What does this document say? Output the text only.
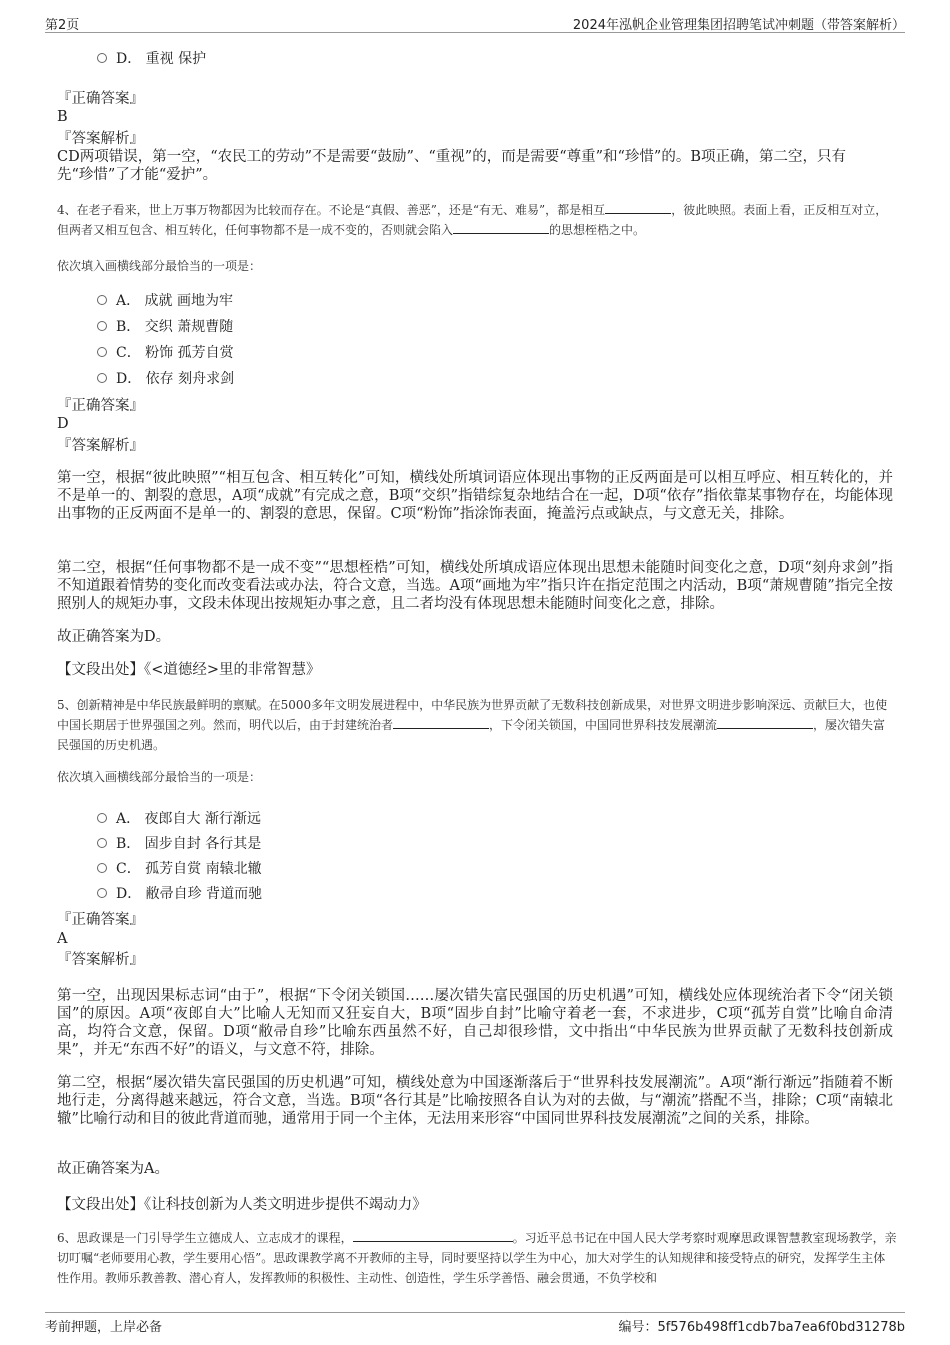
第2页	2024年泓帆企业管理集团招聘笔试冲刺题（带答案解析）
D． 重视 保护
『正确答案』
B
『答案解析』
CD两项错误，第一空，“农民工的劳动”不是需要“鼓励”、“重视”的，而是需要“尊重”和“珍惜”的。B项正确，第二空，只有先“珍惜”了才能“爱护”。
4、在老子看来，世上万事万物都因为比较而存在。不论是“真假、善恶”，还是“有无、难易”，都是相互	，彼此映照。表面上看，正反相互对立，但两者又相互包含、相互转化，任何事物都不是一成不变的，否则就会陷入	的思想桎梏之中。
依次填入画横线部分最恰当的一项是：
A． 成就 画地为牢
B． 交织 萧规曹随
C． 粉饰 孤芳自赏
D． 依存 刻舟求剑
『正确答案』
D
『答案解析』
第一空，根据“彼此映照”“相互包含、相互转化”可知，横线处所填词语应体现出事物的正反两面是可以相互呼应、相互转化的，并不是单一的、割裂的意思，A项“成就”有完成之意，B项“交织”指错综复杂地结合在一起，D项“依存”指依靠某事物存在，均能体现出事物的正反两面不是单一的、割裂的意思，保留。C项“粉饰”指涂饰表面，掩盖污点或缺点，与文意无关，排除。
第二空，根据“任何事物都不是一成不变”“思想桎梏”可知，横线处所填成语应体现出思想未能随时间变化之意，D项“刻舟求剑”指不知道跟着情势的变化而改变看法或办法，符合文意，当选。A项“画地为牢”指只许在指定范围之内活动，B项“萧规曹随”指完全按照别人的规矩办事，文段未体现出按规矩办事之意，且二者均没有体现思想未能随时间变化之意，排除。
故正确答案为D。
【文段出处】《<道德经>里的非常智慧》
5、创新精神是中华民族最鲜明的禀赋。在5000多年文明发展进程中，中华民族为世界贡献了无数科技创新成果，对世界文明进步影响深远、贡献巨大，也使中国长期居于世界强国之列。然而，明代以后，由于封建统治者	，下令闭关锁国，中国同世界科技发展潮流	，屡次错失富民强国的历史机遇。
依次填入画横线部分最恰当的一项是：
A． 夜郎自大 渐行渐远
B． 固步自封 各行其是
C． 孤芳自赏 南辕北辙
D． 敝帚自珍 背道而驰
『正确答案』
A
『答案解析』
第一空，出现因果标志词“由于”，根据“下令闭关锁国……屡次错失富民强国的历史机遇”可知，横线处应体现统治者下令“闭关锁国”的原因。A项“夜郎自大”比喻人无知而又狂妄自大，B项“固步自封”比喻守着老一套，不求进步，C项“孤芳自赏”比喻自命清高，均符合文意，保留。D项“敝帚自珍”比喻东西虽然不好，自己却很珍惜，文中指出“中华民族为世界贡献了无数科技创新成果”，并无“东西不好”的语义，与文意不符，排除。
第二空，根据“屡次错失富民强国的历史机遇”可知，横线处意为中国逐渐落后于“世界科技发展潮流”。A项“渐行渐远”指随着不断地行走，分离得越来越远，符合文意，当选。B项“各行其是”比喻按照各自认为对的去做，与“潮流”搭配不当，排除；C项“南辕北辙”比喻行动和目的彼此背道而驰，通常用于同一个主体，无法用来形容“中国同世界科技发展潮流”之间的关系，排除。
故正确答案为A。
【文段出处】《让科技创新为人类文明进步提供不竭动力》
6、思政课是一门引导学生立德成人、立志成才的课程，	。习近平总书记在中国人民大学考察时观摩思政课智慧教室现场教学，亲切叮嘱“老师要用心教，学生要用心悟”。思政课教学离不开教师的主导，同时要坚持以学生为中心，加大对学生的认知规律和接受特点的研究，发挥学生主体性作用。教师乐教善教、潜心育人，发挥教师的积极性、主动性、创造性，学生乐学善悟、融会贯通，不负学校和
考前押题，上岸必备	编号：5f576b498ff1cdb7ba7ea6f0bd31278b
